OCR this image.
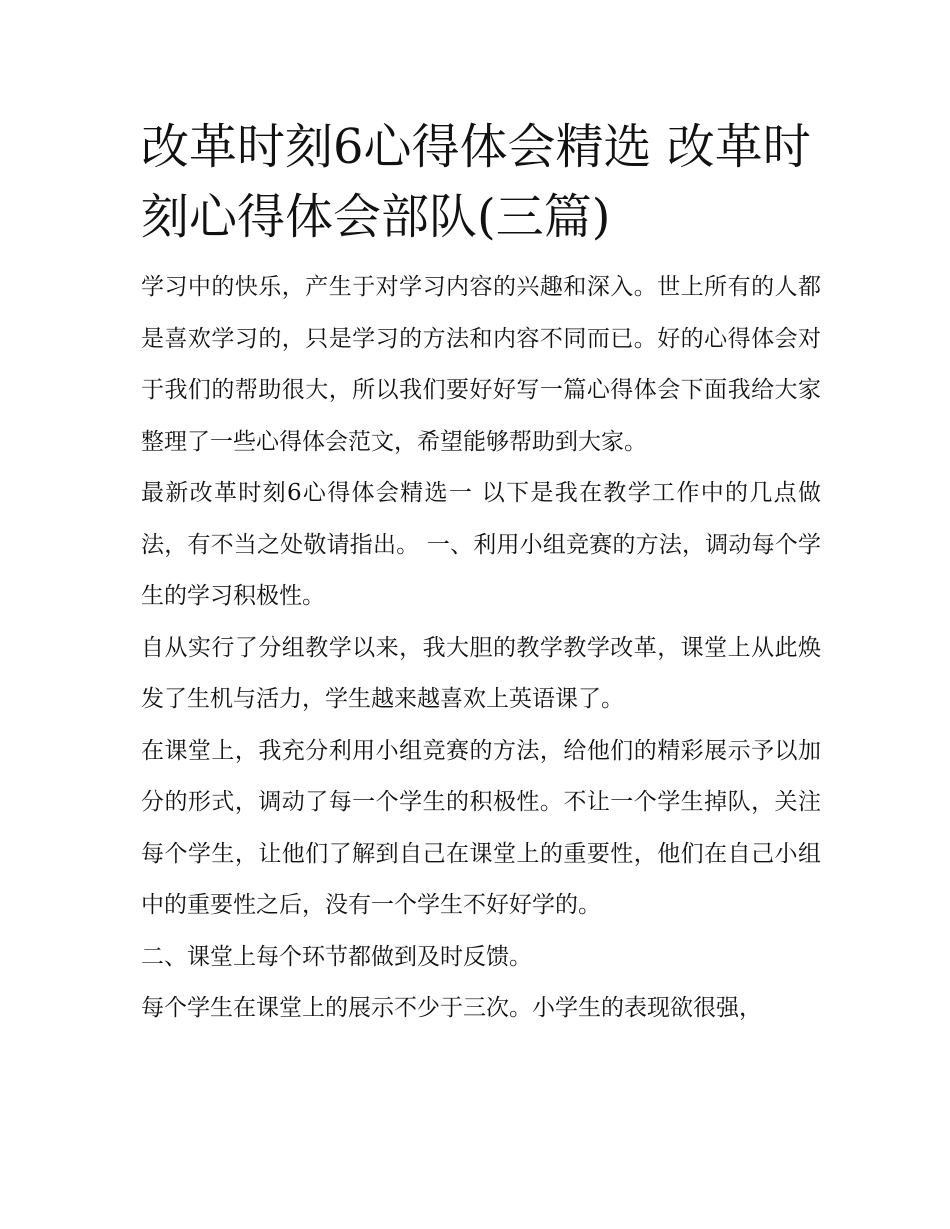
改革时刻6心得体会精选 改革时刻心得体会部队(三篇)

学习中的快乐，产生于对学习内容的兴趣和深入。世上所有的人都是喜欢学习的，只是学习的方法和内容不同而已。好的心得体会对于我们的帮助很大，所以我们要好好写一篇心得体会下面我给大家整理了一些心得体会范文，希望能够帮助到大家。

最新改革时刻6心得体会精选一 以下是我在教学工作中的几点做法，有不当之处敬请指出。 一、利用小组竞赛的方法，调动每个学生的学习积极性。

自从实行了分组教学以来，我大胆的教学教学改革，课堂上从此焕发了生机与活力，学生越来越喜欢上英语课了。

在课堂上，我充分利用小组竞赛的方法，给他们的精彩展示予以加分的形式，调动了每一个学生的积极性。不让一个学生掉队，关注每个学生，让他们了解到自己在课堂上的重要性，他们在自己小组中的重要性之后，没有一个学生不好好学的。

二、课堂上每个环节都做到及时反馈。

每个学生在课堂上的展示不少于三次。小学生的表现欲很强，
